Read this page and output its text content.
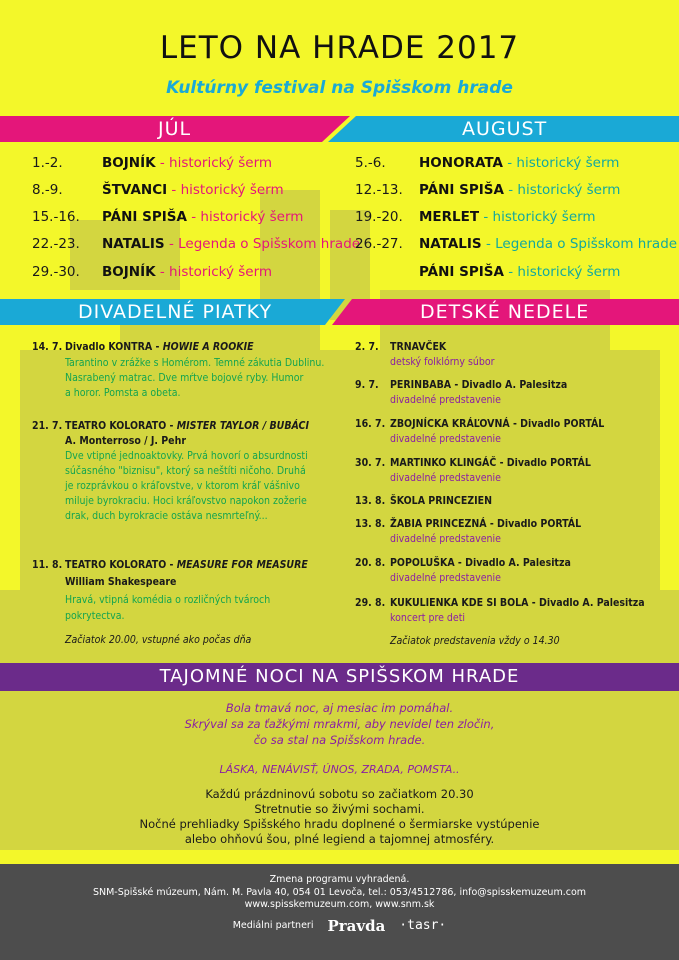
LETO NA HRADE 2017
Kultúrny festival na Spišskom hrade
JÚL	AUGUST
1.-2.	BOJNÍK - historický šerm
8.-9.	ŠTVANCI - historický šerm
15.-16. PÁNI SPIŠA - historický šerm
22.-23. NATALIS - Legenda o Spišskom hrade
29.-30. BOJNÍK - historický šerm
5.-6. HONORATA - historický šerm
12.-13. PÁNI SPIŠA - historický šerm
19.-20. MERLET - historický šerm
26.-27. NATALIS - Legenda o Spišskom hrade
PÁNI SPIŠA - historický šerm
DIVADELNÉ PIATKY	DETSKÉ NEDELE
14. 7. Divadlo KONTRA - HOWIE A ROOKIE
Tarantino v zrážke s Homérom. Temné zákutia Dublinu.
Nasrabený matrac. Dve mŕtve bojové ryby. Humor
a horor. Pomsta a obeta.
21. 7. TEATRO KOLORATO - MISTER TAYLOR / BUBÁCI
A. Monterroso / J. Pehr
Dve vtipné jednoaktovky. Prvá hovorí o absurdnosti
súčasného "biznisu", ktorý sa neštíti ničoho. Druhá
je rozprávkou o kráľovstve, v ktorom kráľ vášnivo
miluje byrokraciu. Hoci kráľovstvo napokon zožerie
drak, duch byrokracie ostáva nesmrteľný...
11. 8. TEATRO KOLORATO - MEASURE FOR MEASURE
William Shakespeare
Hravá, vtipná komédia o rozličných tvároch
pokrytectva.
Začiatok 20.00, vstupné ako počas dňa
2. 7. TRNAVČEK
detský folklórny súbor
9. 7. PERINBABA - Divadlo A. Palesitza
divadelné predstavenie
16. 7. ZBOJNÍCKA KRÁĽOVNÁ - Divadlo PORTÁL
divadelné predstavenie
30. 7. MARTINKO KLINGÁČ - Divadlo PORTÁL
divadelné predstavenie
13. 8. ŠKOLA PRINCEZIEN
13. 8. ŽABIA PRINCEZNÁ - Divadlo PORTÁL
divadelné predstavenie
20. 8. POPOLUŠKA - Divadlo A. Palesitza
divadelné predstavenie
29. 8. KUKULIENKA KDE SI BOLA - Divadlo A. Palesitza
koncert pre deti
Začiatok predstavenia vždy o 14.30
TAJOMNÉ NOCI NA SPIŠSKOM HRADE
Bola tmavá noc, aj mesiac im pomáhal.
Skrýval sa za ťažkými mrakmi, aby nevidel ten zločin,
čo sa stal na Spišskom hrade.
LÁSKA, NENÁVISŤ, ÚNOS, ZRADA, POMSTA..
Každú prázdninovú sobotu so začiatkom 20.30
Stretnutie so živými sochami.
Nočné prehliadky Spišského hradu doplnené o šermiarske vystúpenie
alebo ohňovú šou, plné legiend a tajomnej atmosféry.
Zmena programu vyhradená.
SNM-Spišské múzeum, Nám. M. Pavla 40, 054 01 Levoča, tel.: 053/4512786, info@spisskemuzeum.com
www.spisskemuzeum.com, www.snm.sk
Mediálni partneri Pravda ·tasr·
